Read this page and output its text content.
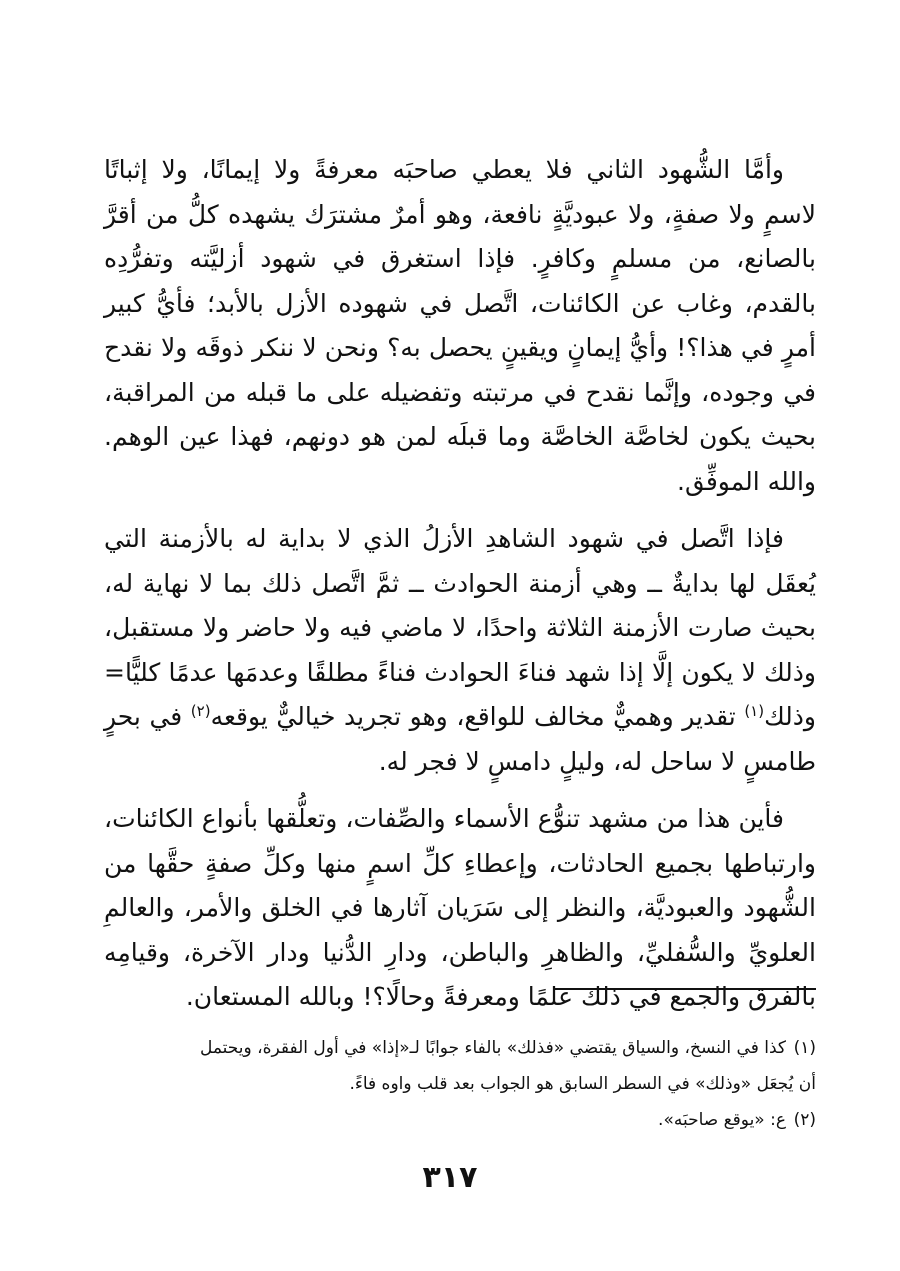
وأمَّا الشُّهود الثاني فلا يعطي صاحبَه معرفةً ولا إيمانًا، ولا إثباتًا لاسمٍ ولا صفةٍ، ولا عبوديَّةٍ نافعة، وهو أمرٌ مشترَك يشهده كلُّ من أقرَّ بالصانع، من مسلمٍ وكافرٍ. فإذا استغرق في شهود أزليَّته وتفرُّدِه بالقدم، وغاب عن الكائنات، اتَّصل في شهوده الأزل بالأبد؛ فأيُّ كبير أمرٍ في هذا؟! وأيُّ إيمانٍ ويقينٍ يحصل به؟ ونحن لا ننكر ذوقَه ولا نقدح في وجوده، وإنَّما نقدح في مرتبته وتفضيله على ما قبله من المراقبة، بحيث يكون لخاصَّة الخاصَّة وما قبلَه لمن هو دونهم، فهذا عين الوهم. والله الموفِّق.

فإذا اتَّصل في شهود الشاهدِ الأزلُ الذي لا بداية له بالأزمنة التي يُعقَل لها بدايةٌ ــ وهي أزمنة الحوادث ــ ثمَّ اتَّصل ذلك بما لا نهاية له، بحيث صارت الأزمنة الثلاثة واحدًا، لا ماضي فيه ولا حاضر ولا مستقبل، وذلك لا يكون إلَّا إذا شهد فناءَ الحوادث فناءً مطلقًا وعدمَها عدمًا كليًّا= وذلك$^{(١)}$ تقدير وهميٌّ مخالف للواقع، وهو تجريد خياليٌّ يوقعه$^{(٢)}$ في بحرٍ طامسٍ لا ساحل له، وليلٍ دامسٍ لا فجر له.

فأين هذا من مشهد تنوُّع الأسماء والصِّفات، وتعلُّقها بأنواع الكائنات، وارتباطها بجميع الحادثات، وإعطاءِ كلِّ اسمٍ منها وكلِّ صفةٍ حقَّها من الشُّهود والعبوديَّة، والنظر إلى سَرَيان آثارها في الخلق والأمر، والعالمِ العلويِّ والسُّفليِّ، والظاهرِ والباطن، ودارِ الدُّنيا ودار الآخرة، وقيامِه بالفرق والجمع في ذلك علمًا ومعرفةً وحالًا؟! وبالله المستعان.

(١)كذا في النسخ، والسياق يقتضي «فذلك» بالفاء جوابًا لـ«إذا» في أول الفقرة، ويحتمل

أن يُجعَل «وذلك» في السطر السابق هو الجواب بعد قلب واوه فاءً.

(٢)ع: «يوقع صاحبَه».

٣١٧
